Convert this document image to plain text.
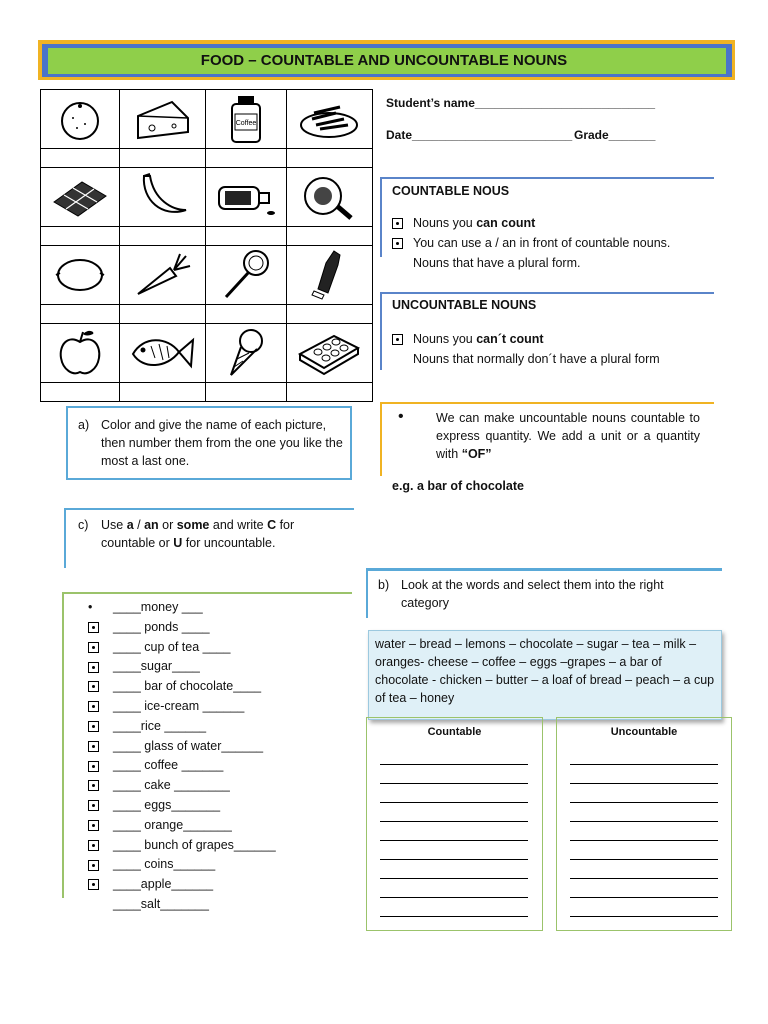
FOOD – COUNTABLE AND UNCOUNTABLE NOUNS

Coffee

Student’s name___________________________
Date________________________ Grade_______
COUNTABLE NOUS
Nouns you can count
You can use a / an in front of countable nouns.
Nouns that have a plural form.
UNCOUNTABLE NOUNS
Nouns you can´t count
Nouns that normally don´t have a plural form
•	We can make uncountable nouns countable to express quantity. We add a unit or a quantity with “OF”
e.g. a bar of chocolate
a) Color and give the name of each picture, then number them from the one you like the most a last one.
c) Use a / an or some and write C for countable or U for uncountable.
b) Look at the words and select them into the right category
water – bread – lemons – chocolate – sugar – tea – milk – oranges- cheese – coffee – eggs –grapes – a bar of chocolate - chicken – butter – a loaf of bread – peach – a cup of tea – honey
Countable	Uncountable
• ____money ___
____ ponds ____
____ cup of tea ____
____sugar____
____ bar of chocolate____
____ ice-cream ______
____rice ______
____ glass of water______
____ coffee ______
____ cake ________
____ eggs_______
____ orange_______
____ bunch of grapes______
____ coins______
____apple______
____salt_______
